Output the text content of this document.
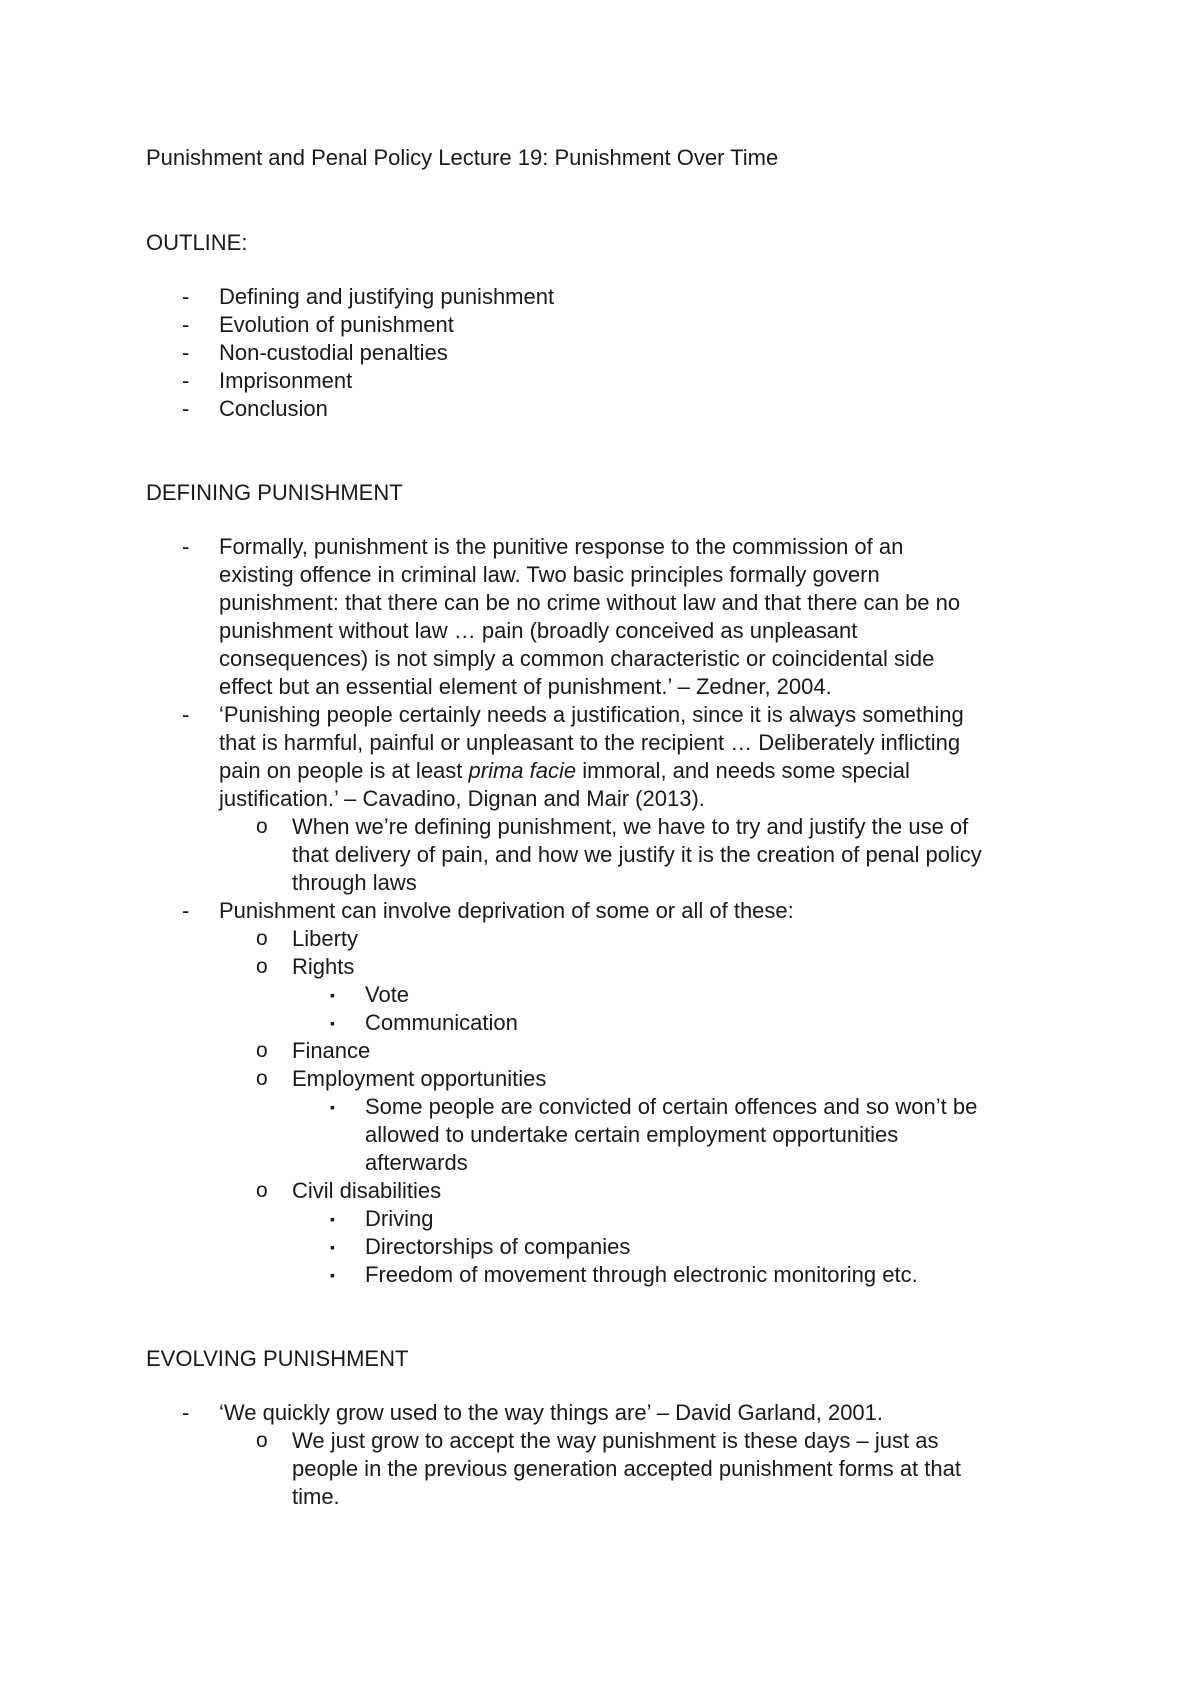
Punishment and Penal Policy Lecture 19: Punishment Over Time

OUTLINE:

- Defining and justifying punishment
- Evolution of punishment
- Non-custodial penalties
- Imprisonment
- Conclusion

DEFINING PUNISHMENT

- Formally, punishment is the punitive response to the commission of an
existing offence in criminal law. Two basic principles formally govern
punishment: that there can be no crime without law and that there can be no
punishment without law … pain (broadly conceived as unpleasant
consequences) is not simply a common characteristic or coincidental side
effect but an essential element of punishment.’ – Zedner, 2004.
- ‘Punishing people certainly needs a justification, since it is always something
that is harmful, painful or unpleasant to the recipient … Deliberately inflicting
pain on people is at least prima facie immoral, and needs some special
justification.’ – Cavadino, Dignan and Mair (2013).
o When we’re defining punishment, we have to try and justify the use of
that delivery of pain, and how we justify it is the creation of penal policy
through laws
- Punishment can involve deprivation of some or all of these:
o Liberty
o Rights
▪ Vote
▪ Communication
o Finance
o Employment opportunities
▪ Some people are convicted of certain offences and so won’t be
allowed to undertake certain employment opportunities
afterwards
o Civil disabilities
▪ Driving
▪ Directorships of companies
▪ Freedom of movement through electronic monitoring etc.

EVOLVING PUNISHMENT

- ‘We quickly grow used to the way things are’ – David Garland, 2001.
o We just grow to accept the way punishment is these days – just as
people in the previous generation accepted punishment forms at that
time.
